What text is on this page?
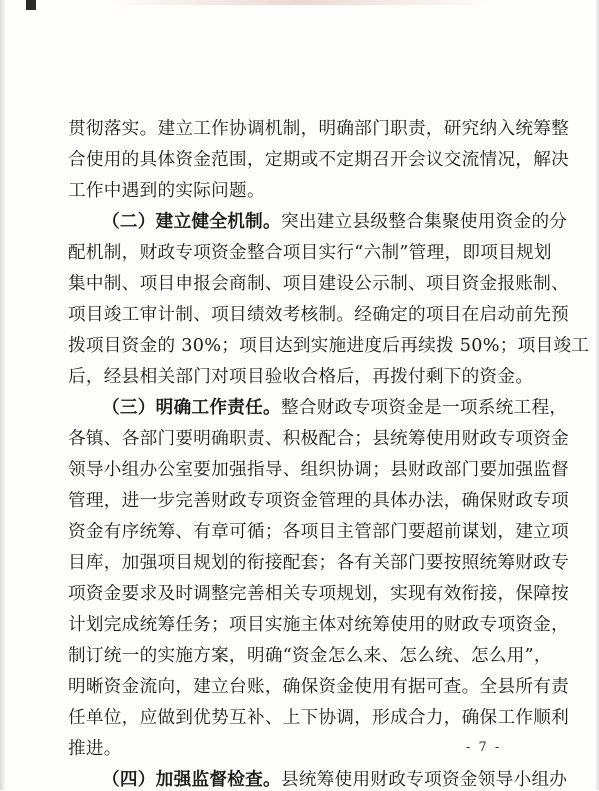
贯彻落实。建立工作协调机制，明确部门职责，研究纳入统筹整
合使用的具体资金范围，定期或不定期召开会议交流情况，解决
工作中遇到的实际问题。
（二）建立健全机制。突出建立县级整合集聚使用资金的分
配机制，财政专项资金整合项目实行“六制”管理，即项目规划
集中制、项目申报会商制、项目建设公示制、项目资金报账制、
项目竣工审计制、项目绩效考核制。经确定的项目在启动前先预
拨项目资金的 30%；项目达到实施进度后再续拨 50%；项目竣工
后，经县相关部门对项目验收合格后，再拨付剩下的资金。
（三）明确工作责任。整合财政专项资金是一项系统工程，
各镇、各部门要明确职责、积极配合；县统筹使用财政专项资金
领导小组办公室要加强指导、组织协调；县财政部门要加强监督
管理，进一步完善财政专项资金管理的具体办法，确保财政专项
资金有序统筹、有章可循；各项目主管部门要超前谋划，建立项
目库，加强项目规划的衔接配套；各有关部门要按照统筹财政专
项资金要求及时调整完善相关专项规划，实现有效衔接，保障按
计划完成统筹任务；项目实施主体对统筹使用的财政专项资金，
制订统一的实施方案，明确“资金怎么来、怎么统、怎么用”，
明晰资金流向，建立台账，确保资金使用有据可查。全县所有责
任单位，应做到优势互补、上下协调，形成合力，确保工作顺利
推进。
（四）加强监督检查。县统筹使用财政专项资金领导小组办
- 7 -
